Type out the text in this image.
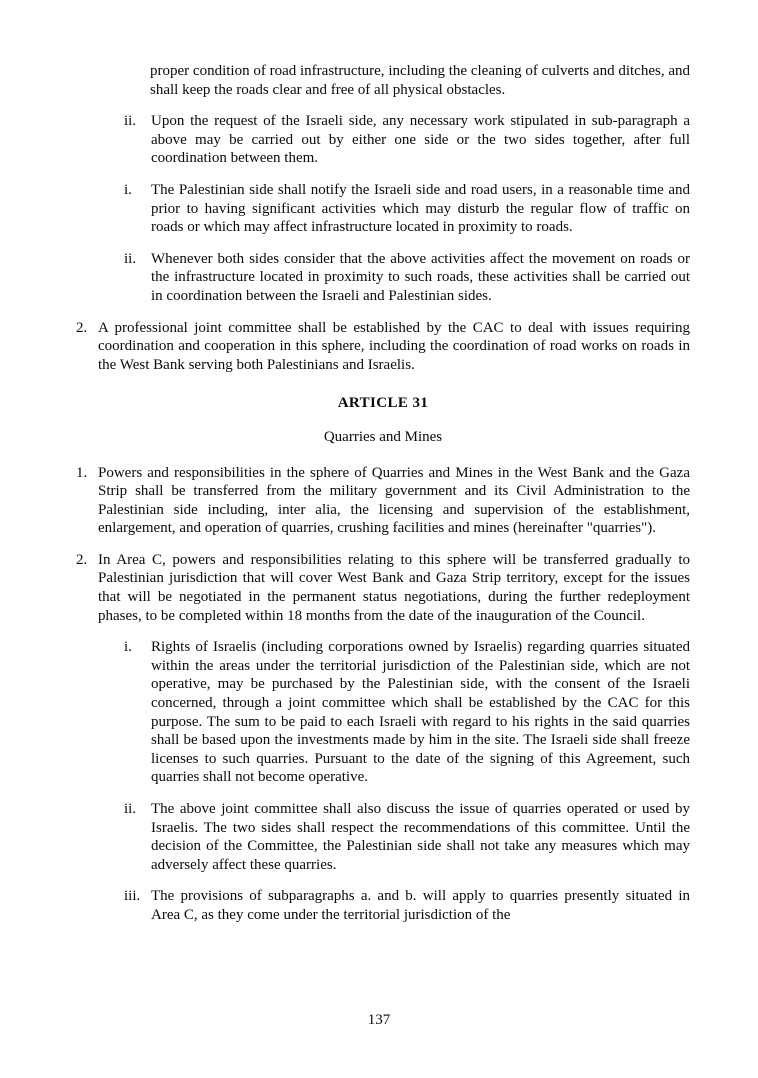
proper condition of road infrastructure, including the cleaning of culverts and ditches, and shall keep the roads clear and free of all physical obstacles.

ii. Upon the request of the Israeli side, any necessary work stipulated in sub-paragraph a above may be carried out by either one side or the two sides together, after full coordination between them.
i.	The Palestinian side shall notify the Israeli side and road users, in a reasonable time and prior to having significant activities which may disturb the regular flow of traffic on roads or which may affect infrastructure located in proximity to roads.
ii. Whenever both sides consider that the above activities affect the movement on roads or the infrastructure located in proximity to such roads, these activities shall be carried out in coordination between the Israeli and Palestinian sides.
2. A professional joint committee shall be established by the CAC to deal with issues requiring coordination and cooperation in this sphere, including the coordination of road works on roads in the West Bank serving both Palestinians and Israelis.
ARTICLE 31
Quarries and Mines
1. Powers and responsibilities in the sphere of Quarries and Mines in the West Bank and the Gaza Strip shall be transferred from the military government and its Civil Administration to the Palestinian side including, inter alia, the licensing and supervision of the establishment, enlargement, and operation of quarries, crushing facilities and mines (hereinafter "quarries").
2. In Area C, powers and responsibilities relating to this sphere will be transferred gradually to Palestinian jurisdiction that will cover West Bank and Gaza Strip territory, except for the issues that will be negotiated in the permanent status negotiations, during the further redeployment phases, to be completed within 18 months from the date of the inauguration of the Council.
i.	Rights of Israelis (including corporations owned by Israelis) regarding quarries situated within the areas under the territorial jurisdiction of the Palestinian side, which are not operative, may be purchased by the Palestinian side, with the consent of the Israeli concerned, through a joint committee which shall be established by the CAC for this purpose. The sum to be paid to each Israeli with regard to his rights in the said quarries shall be based upon the investments made by him in the site. The Israeli side shall freeze licenses to such quarries. Pursuant to the date of the signing of this Agreement, such quarries shall not become operative.
ii. The above joint committee shall also discuss the issue of quarries operated or used by Israelis. The two sides shall respect the recommendations of this committee. Until the decision of the Committee, the Palestinian side shall not take any measures which may adversely affect these quarries.
iii. The provisions of subparagraphs a. and b. will apply to quarries presently situated in Area C, as they come under the territorial jurisdiction of the
137
